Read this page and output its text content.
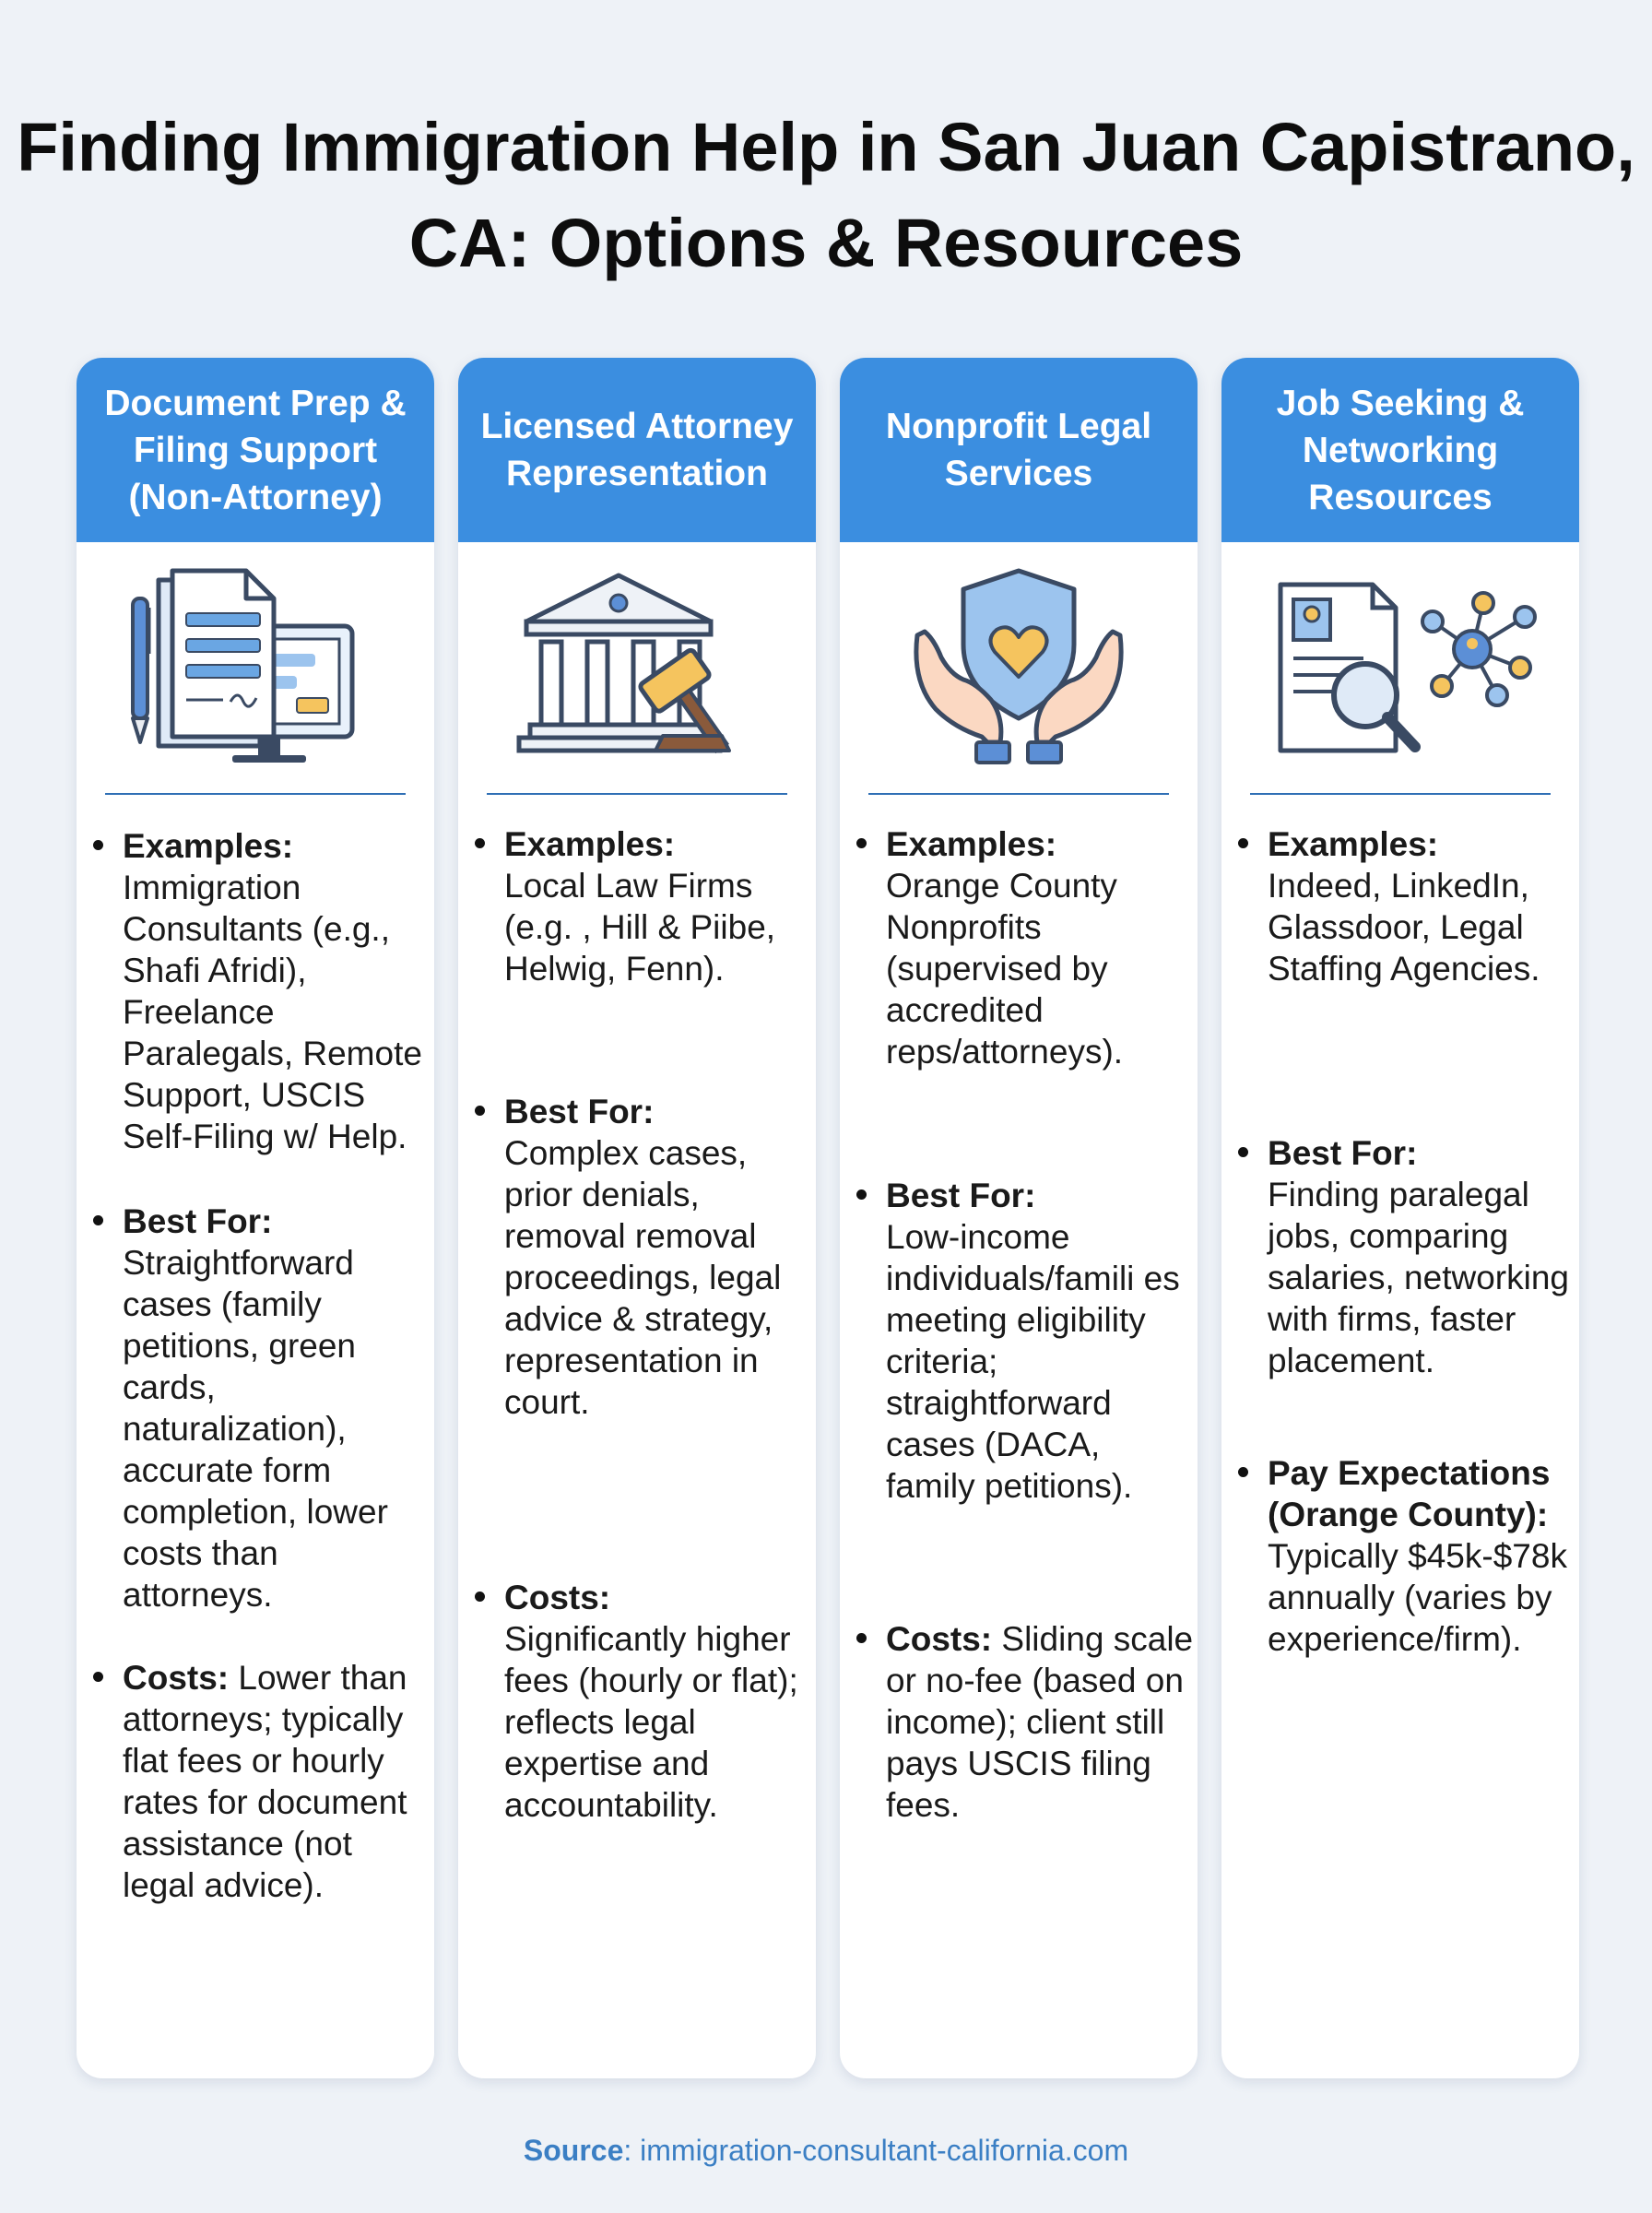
Finding Immigration Help in San Juan Capistrano, CA: Options & Resources
Document Prep & Filing Support (Non-Attorney)
Examples:
Immigration Consultants (e.g., Shafi Afridi), Freelance Paralegals, Remote Support, USCIS Self-Filing w/ Help.
Best For:
Straightforward cases (family petitions, green cards, naturalization), accurate form completion, lower costs than attorneys.
Costs: Lower than attorneys; typically flat fees or hourly rates for document assistance (not legal advice).
Licensed Attorney Representation
Examples:
Local Law Firms (e.g. , Hill & Piibe, Helwig, Fenn).
Best For:
Complex cases, prior denials, removal removal proceedings, legal advice & strategy, representation in court.
Costs:
Significantly higher fees (hourly or flat); reflects legal expertise and accountability.
Nonprofit Legal Services
Examples:
Orange County Nonprofits (supervised by accredited reps/attorneys).
Best For:
Low-income individuals/famili es meeting eligibility criteria; straightforward cases (DACA, family petitions).
Costs: Sliding scale or no-fee (based on income); client still pays USCIS filing fees.
Job Seeking & Networking Resources
Examples:
Indeed, LinkedIn, Glassdoor, Legal Staffing Agencies.
Best For:
Finding paralegal jobs, comparing salaries, networking with firms, faster placement.
Pay Expectations (Orange County):
Typically $45k-$78k annually (varies by experience/firm).
Source: immigration-consultant-california.com
